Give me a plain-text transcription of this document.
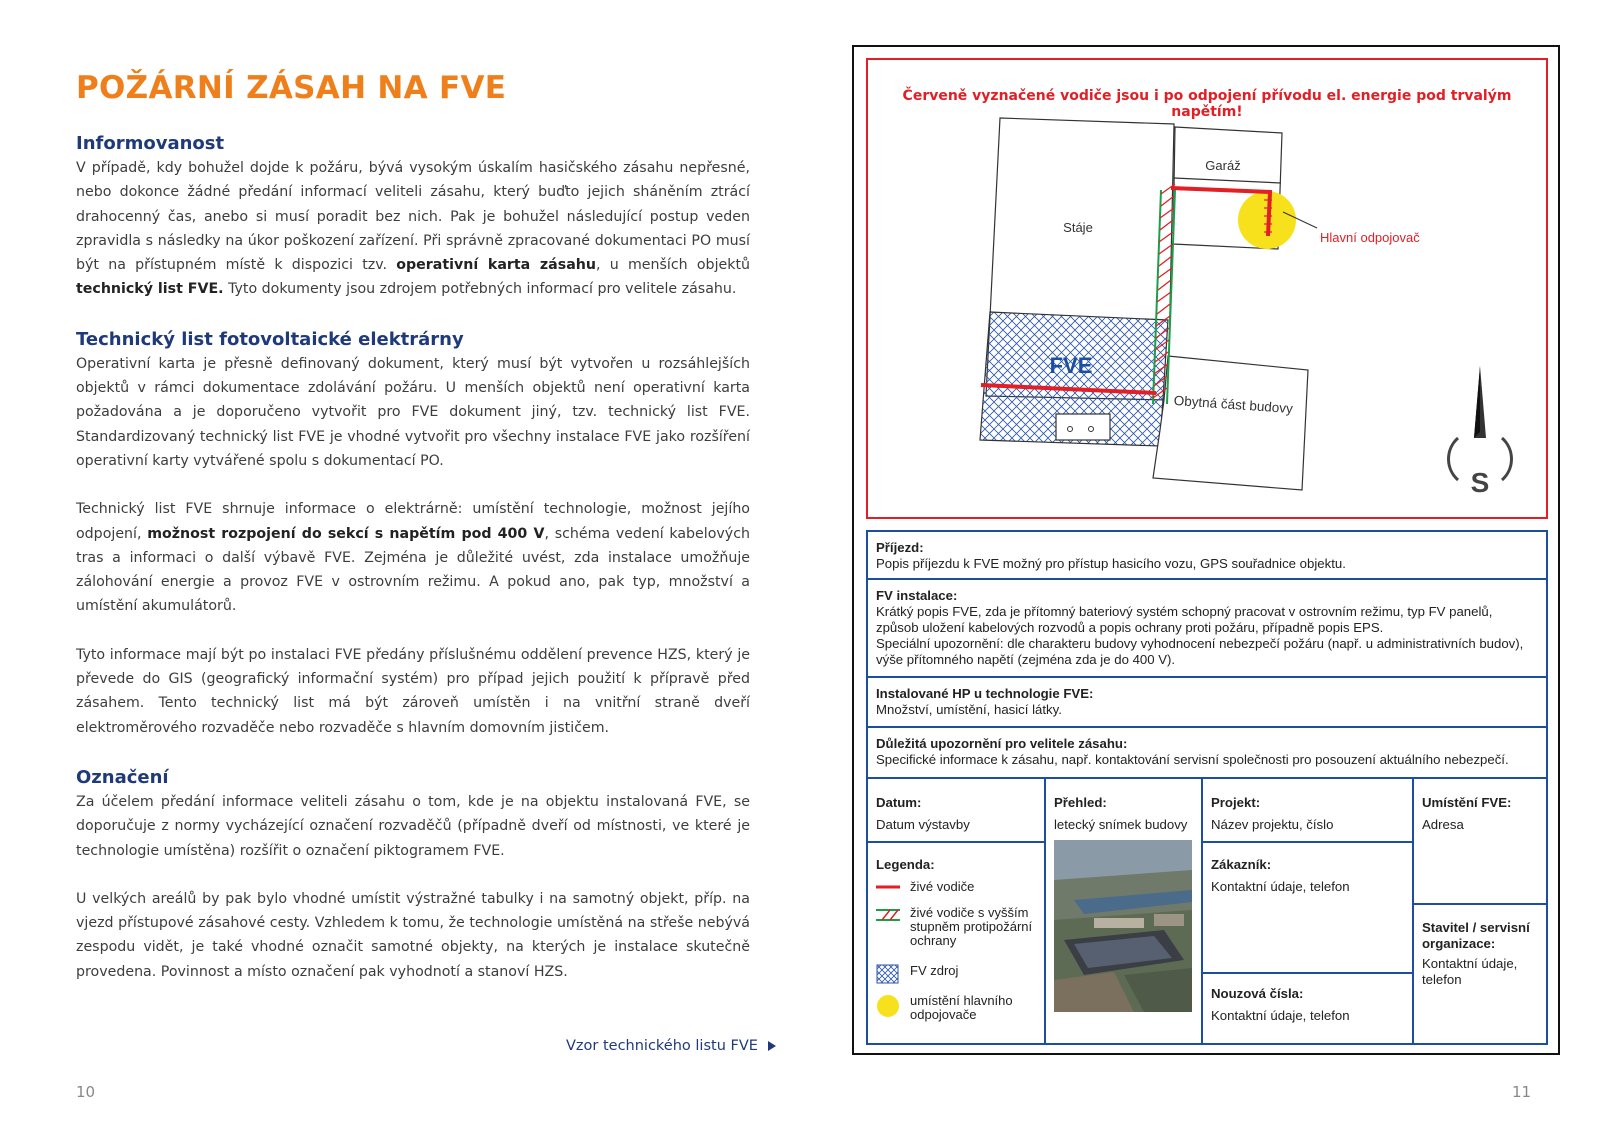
POŽÁRNÍ ZÁSAH NA FVE
Informovanost

V případě, kdy bohužel dojde k požáru, bývá vysokým úskalím hasičského zásahu nepřesné, nebo dokonce žádné předání informací veliteli zásahu, který buďto jejich sháněním ztrácí drahocenný čas, anebo si musí poradit bez nich. Pak je bohužel následující postup veden zpravidla s následky na úkor poškození zařízení. Při správně zpracované dokumentaci PO musí být na přístupném místě k dispozici tzv. operativní karta zásahu, u menších objektů technický list FVE. Tyto dokumenty jsou zdrojem potřebných informací pro velitele zásahu.

Technický list fotovoltaické elektrárny

Operativní karta je přesně definovaný dokument, který musí být vytvořen u rozsáhlejších objektů v rámci dokumentace zdolávání požáru. U menších objektů není operativní karta požadována a je doporučeno vytvořit pro FVE dokument jiný, tzv. technický list FVE. Standardizovaný technický list FVE je vhodné vytvořit pro všechny instalace FVE jako rozšíření operativní karty vytvářené spolu s dokumentací PO.

Technický list FVE shrnuje informace o elektrárně: umístění technologie, možnost jejího odpojení, možnost rozpojení do sekcí s napětím pod 400 V, schéma vedení kabelových tras a informaci o další výbavě FVE. Zejména je důležité uvést, zda instalace umožňuje zálohování energie a provoz FVE v ostrovním režimu. A pokud ano, pak typ, množství a umístění akumulátorů.

Tyto informace mají být po instalaci FVE předány příslušnému oddělení prevence HZS, který je převede do GIS (geografický informační systém) pro případ jejich použití k přípravě před zásahem. Tento technický list má být zároveň umístěn i na vnitřní straně dveří elektroměrového rozvaděče nebo rozvaděče s hlavním domovním jističem.

Označení

Za účelem předání informace veliteli zásahu o tom, kde je na objektu instalovaná FVE, se doporučuje z normy vycházející označení rozvaděčů (případně dveří od místnosti, ve které je technologie umístěna) rozšířit o označení piktogramem FVE.

U velkých areálů by pak bylo vhodné umístit výstražné tabulky i na samotný objekt, příp. na vjezd přístupové zásahové cesty. Vzhledem k tomu, že technologie umístěná na střeše nebývá zespodu vidět, je také vhodné označit samotné objekty, na kterých je instalace skutečně provedena. Povinnost a místo označení pak vyhodnotí a stanoví HZS.

Vzor technického listu FVE
10	11
Červeně vyznačené vodiče jsou i po odpojení přívodu el. energie pod trvalým napětím!
Garáž
Stáje
FVE
Obytná část budovy
Hlavní odpojovač
S
Příjezd:
Popis příjezdu k FVE možný pro přístup hasicího vozu, GPS souřadnice objektu.
FV instalace:
Krátký popis FVE, zda je přítomný bateriový systém schopný pracovat v ostrovním režimu, typ FV panelů, způsob uložení kabelových rozvodů a popis ochrany proti požáru, případně popis EPS.
Speciální upozornění: dle charakteru budovy vyhodnocení nebezpečí požáru (např. u administrativních budov), výše přítomného napětí (zejména zda je do 400 V).
Instalované HP u technologie FVE:
Množství, umístění, hasicí látky.
Důležitá upozornění pro velitele zásahu:
Specifické informace k zásahu, např. kontaktování servisní společnosti pro posouzení aktuálního nebezpečí.
Datum:
Datum výstavby
Přehled:
letecký snímek budovy
Projekt:
Název projektu, číslo
Umístění FVE:
Adresa
Legenda:
živé vodiče
živé vodiče s vyšším stupněm protipožární ochrany
FV zdroj
umístění hlavního odpojovače
Zákazník:
Kontaktní údaje, telefon
Stavitel / servisní organizace:
Kontaktní údaje, telefon
Nouzová čísla:
Kontaktní údaje, telefon
